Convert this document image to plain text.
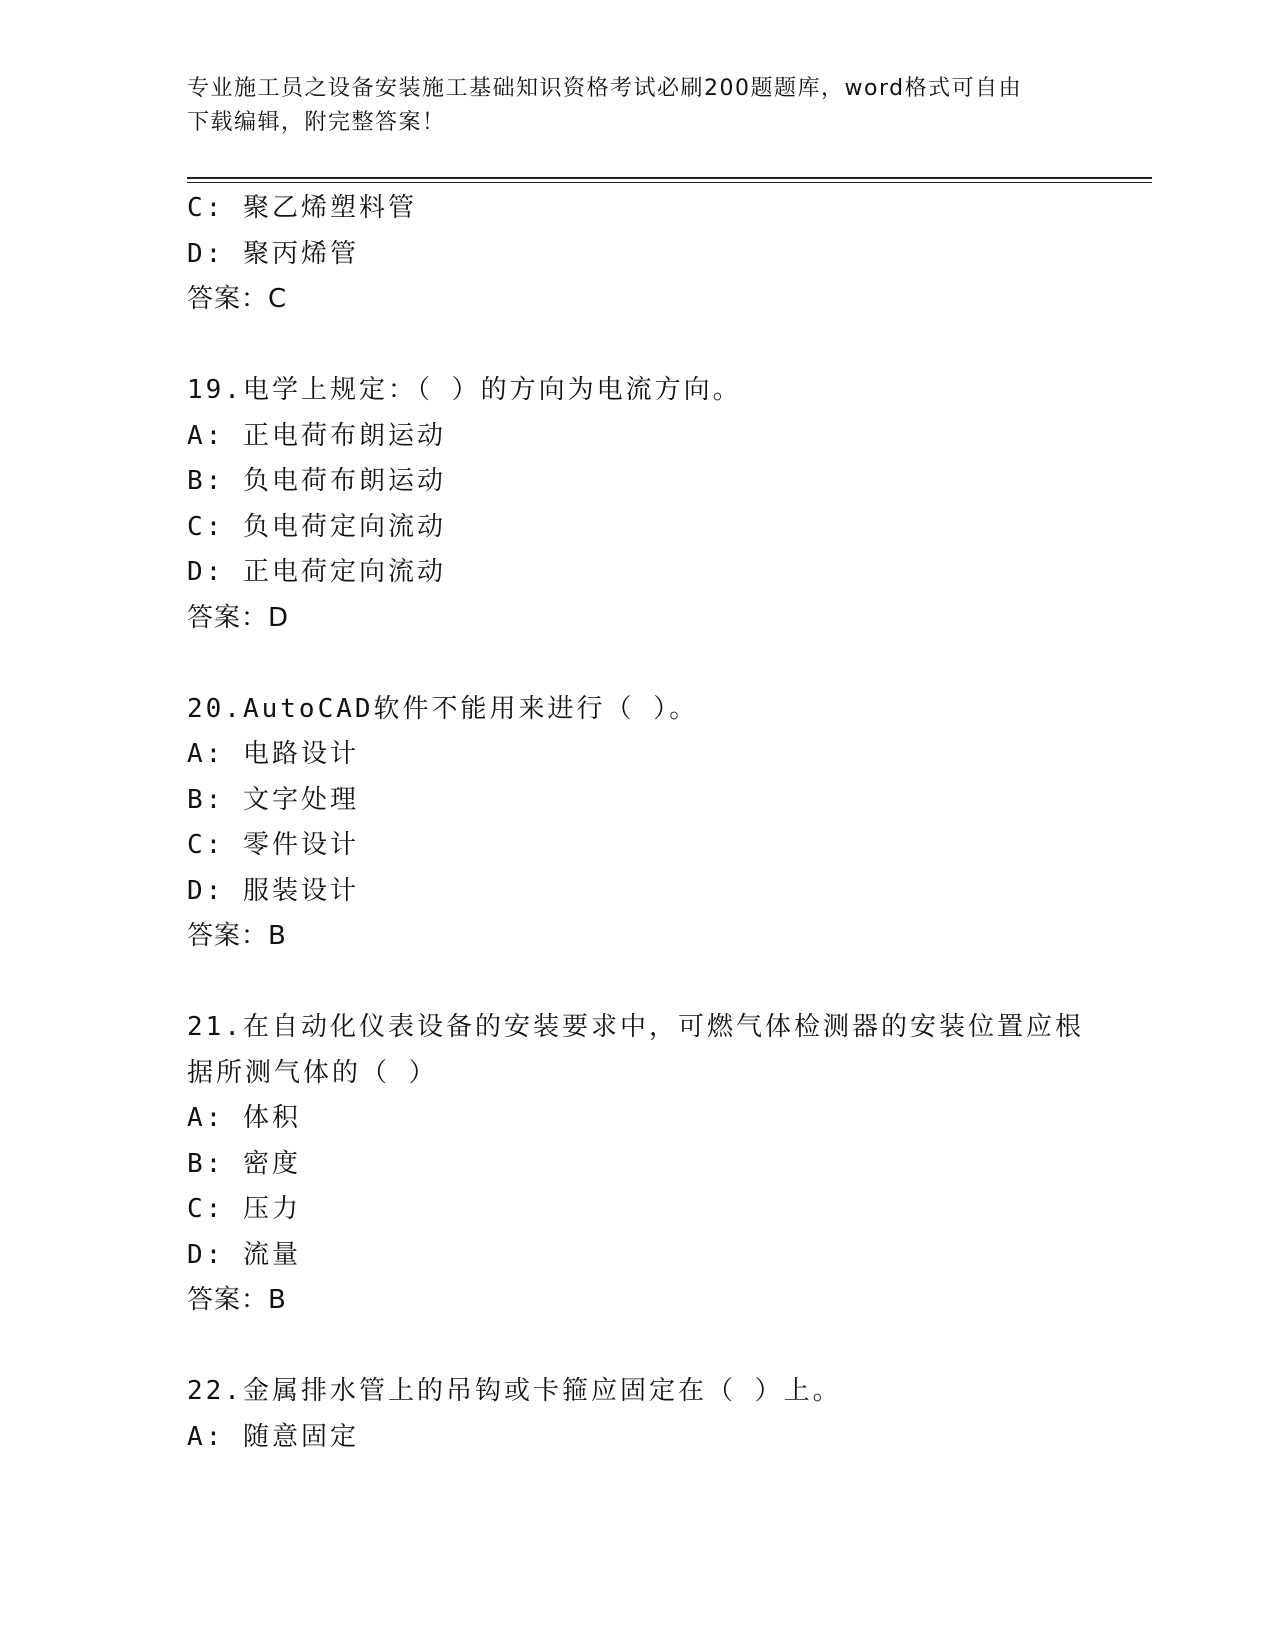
专业施工员之设备安装施工基础知识资格考试必刷200题题库，word格式可自由
下载编辑，附完整答案！
C: 聚乙烯塑料管
D: 聚丙烯管
答案：C
19.电学上规定：（ ）的方向为电流方向。
A: 正电荷布朗运动
B: 负电荷布朗运动
C: 负电荷定向流动
D: 正电荷定向流动
答案：D
20.AutoCAD软件不能用来进行（ ）。
A: 电路设计
B: 文字处理
C: 零件设计
D: 服装设计
答案：B
21.在自动化仪表设备的安装要求中，可燃气体检测器的安装位置应根
据所测气体的（ ）
A: 体积
B: 密度
C: 压力
D: 流量
答案：B
22.金属排水管上的吊钩或卡箍应固定在（ ）上。
A: 随意固定
